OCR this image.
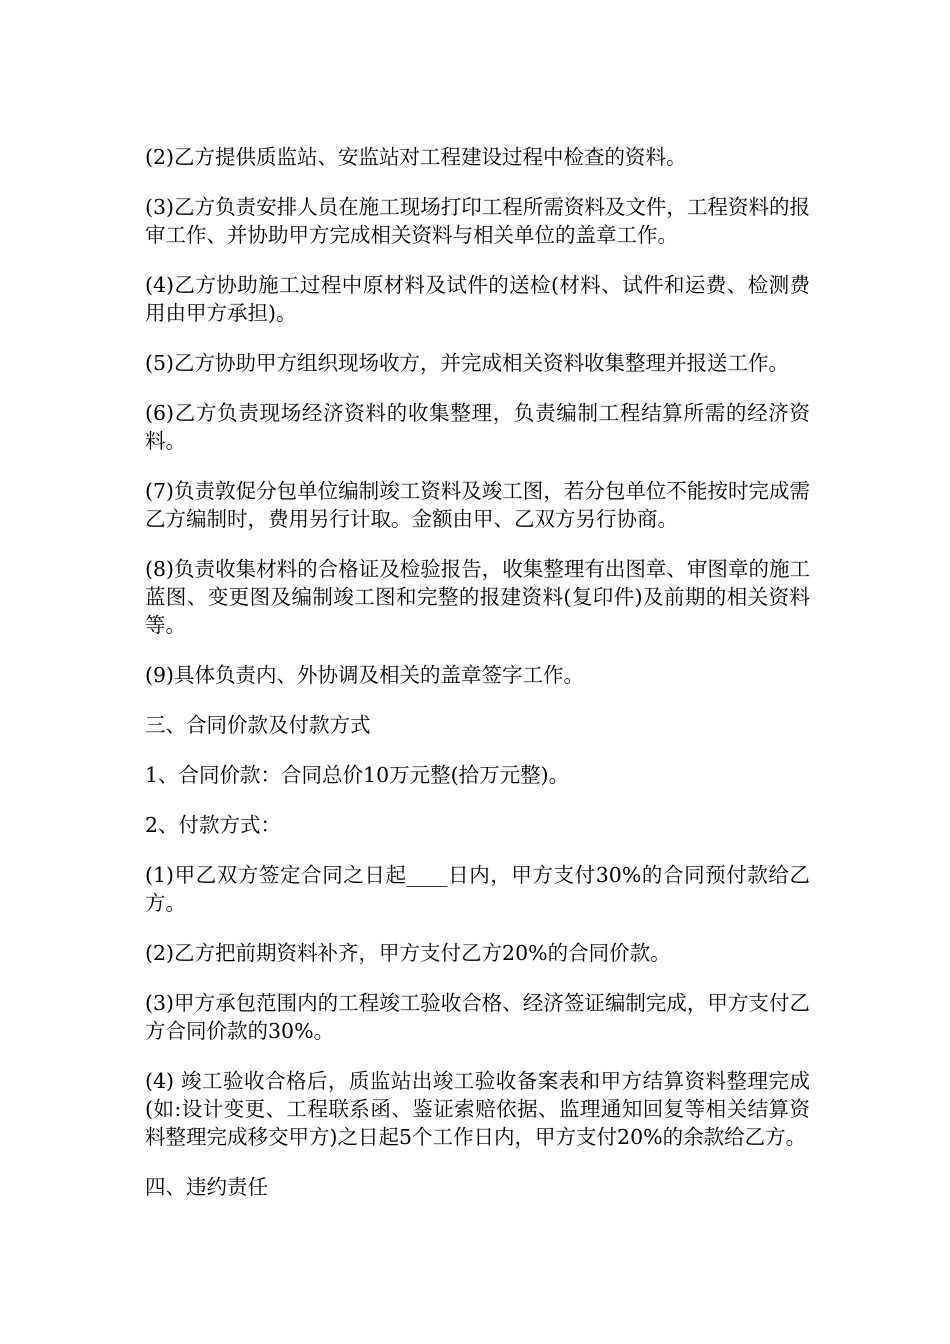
(2)乙方提供质监站、安监站对工程建设过程中检查的资料。

(3)乙方负责安排人员在施工现场打印工程所需资料及文件，工程资料的报审工作、并协助甲方完成相关资料与相关单位的盖章工作。

(4)乙方协助施工过程中原材料及试件的送检(材料、试件和运费、检测费用由甲方承担)。

(5)乙方协助甲方组织现场收方，并完成相关资料收集整理并报送工作。

(6)乙方负责现场经济资料的收集整理，负责编制工程结算所需的经济资料。

(7)负责敦促分包单位编制竣工资料及竣工图，若分包单位不能按时完成需乙方编制时，费用另行计取。金额由甲、乙双方另行协商。

(8)负责收集材料的合格证及检验报告，收集整理有出图章、审图章的施工蓝图、变更图及编制竣工图和完整的报建资料(复印件)及前期的相关资料等。

(9)具体负责内、外协调及相关的盖章签字工作。

三、合同价款及付款方式

1、合同价款：合同总价10万元整(拾万元整)。

2、付款方式：

(1)甲乙双方签定合同之日起____日内，甲方支付30%的合同预付款给乙方。

(2)乙方把前期资料补齐，甲方支付乙方20%的合同价款。

(3)甲方承包范围内的工程竣工验收合格、经济签证编制完成，甲方支付乙方合同价款的30%。

(4) 竣工验收合格后，质监站出竣工验收备案表和甲方结算资料整理完成(如:设计变更、工程联系函、鉴证索赔依据、监理通知回复等相关结算资料整理完成移交甲方)之日起5个工作日内，甲方支付20%的余款给乙方。

四、违约责任
